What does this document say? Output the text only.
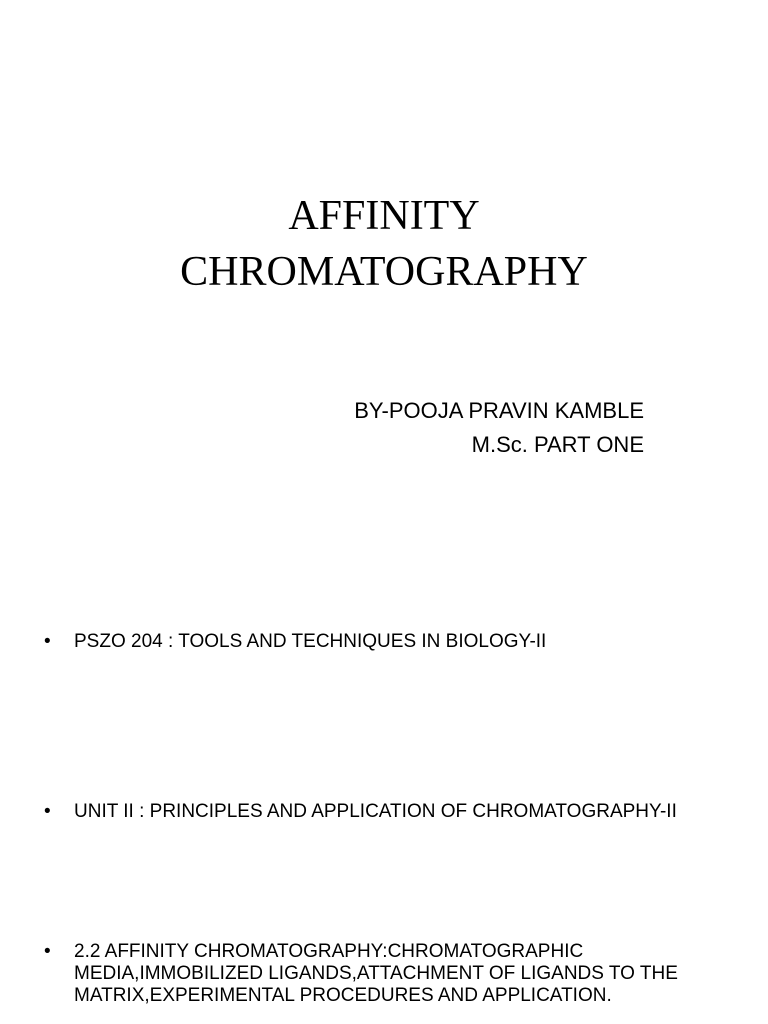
AFFINITY
CHROMATOGRAPHY
BY-POOJA PRAVIN KAMBLE
M.Sc. PART ONE
•	PSZO 204 : TOOLS AND TECHNIQUES IN BIOLOGY-II
•	UNIT II : PRINCIPLES AND APPLICATION OF CHROMATOGRAPHY-II
•	2.2 AFFINITY CHROMATOGRAPHY:CHROMATOGRAPHIC MEDIA,IMMOBILIZED LIGANDS,ATTACHMENT OF LIGANDS TO THE MATRIX,EXPERIMENTAL PROCEDURES AND APPLICATION.
